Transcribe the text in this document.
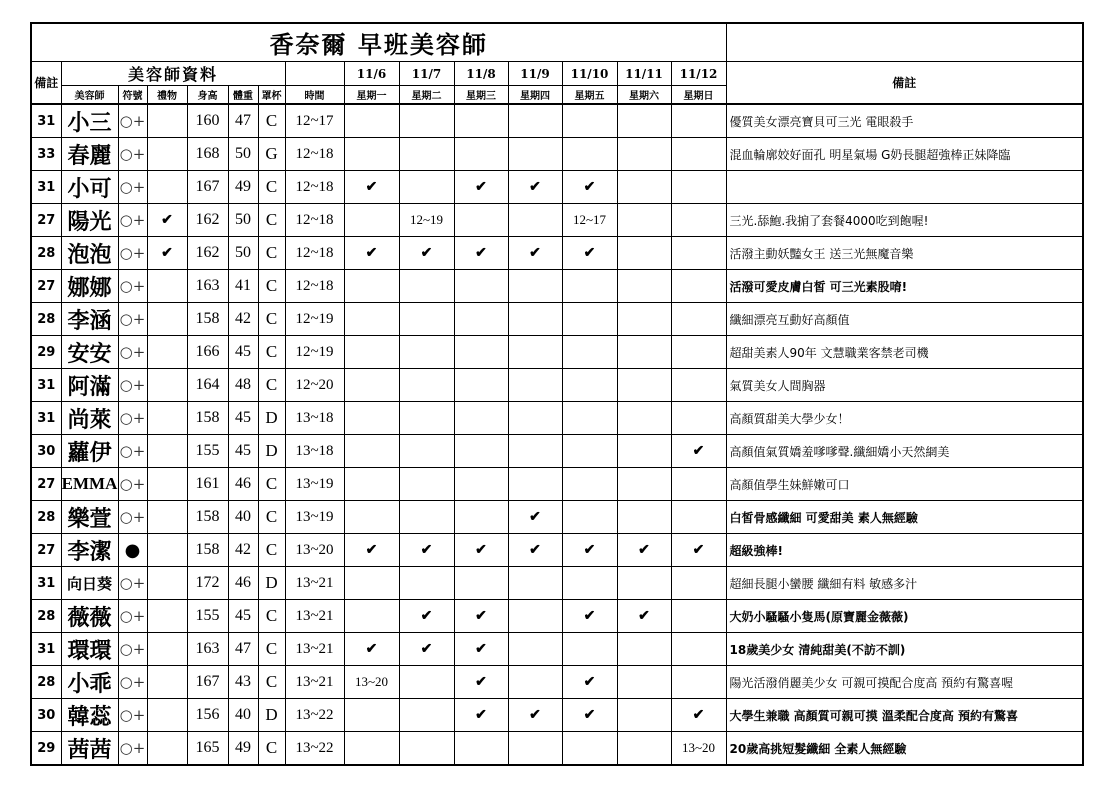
香奈爾 早班美容師															
備註	美容師資料							11/6	11/7	11/8	11/9	11/10	11/11	11/12	備註
	美容師	符號	禮物	身高	體重	罩杯	時間	星期一	星期二	星期三	星期四	星期五	星期六	星期日	
31	小三	○+		160	47	C	12~17								優質美女漂亮寶貝可三光 電眼殺手
33	春麗	○+		168	50	G	12~18								混血輪廓姣好面孔 明星氣場 G奶長腿超強棒正妹降臨
31	小可	○+		167	49	C	12~18	✔		✔	✔	✔			
27	陽光	○+	✔	162	50	C	12~18		12~19			12~17			三光.舔鮑.我掮了套餐4000吃到飽喔!
28	泡泡	○+	✔	162	50	C	12~18	✔	✔	✔	✔	✔			活潑主動妖豔女王 送三光無魔音樂
27	娜娜	○+		163	41	C	12~18								活潑可愛皮膚白皙 可三光素股唷!
28	李涵	○+		158	42	C	12~19								纖細漂亮互動好高顏值
29	安安	○+		166	45	C	12~19								超甜美素人90年 文慧職業客禁老司機
31	阿滿	○+		164	48	C	12~20								氣質美女人間胸器
31	尚萊	○+		158	45	D	13~18								高顏質甜美大學少女！
30	蘿伊	○+		155	45	D	13~18							✔	高顏值氣質嬌羞嗲嗲聲.纖細嬌小天然網美
27	EMMA	○+		161	46	C	13~19								高顏值學生妹鮮嫩可口
28	樂萱	○+		158	40	C	13~19				✔				白皙骨感纖細 可愛甜美 素人無經驗
27	李潔	●		158	42	C	13~20	✔	✔	✔	✔	✔	✔	✔	超級強棒!
31	向日葵	○+		172	46	D	13~21								超細長腿小蠻腰 纖細有料 敏感多汁
28	薇薇	○+		155	45	C	13~21		✔	✔		✔	✔		大奶小騷騷小隻馬(原寶麗金薇薇)
31	環環	○+		163	47	C	13~21	✔	✔	✔					18歲美少女 清純甜美(不訪不訓)
28	小乖	○+		167	43	C	13~21	13~20		✔		✔			陽光活潑俏麗美少女 可親可摸配合度高 預約有驚喜喔
30	韓蕊	○+		156	40	D	13~22			✔	✔	✔		✔	大學生兼職 高顏質可親可摸 溫柔配合度高 預約有驚喜
29	茜茜	○+		165	49	C	13~22							13~20	20歲高挑短髮纖細 全素人無經驗
